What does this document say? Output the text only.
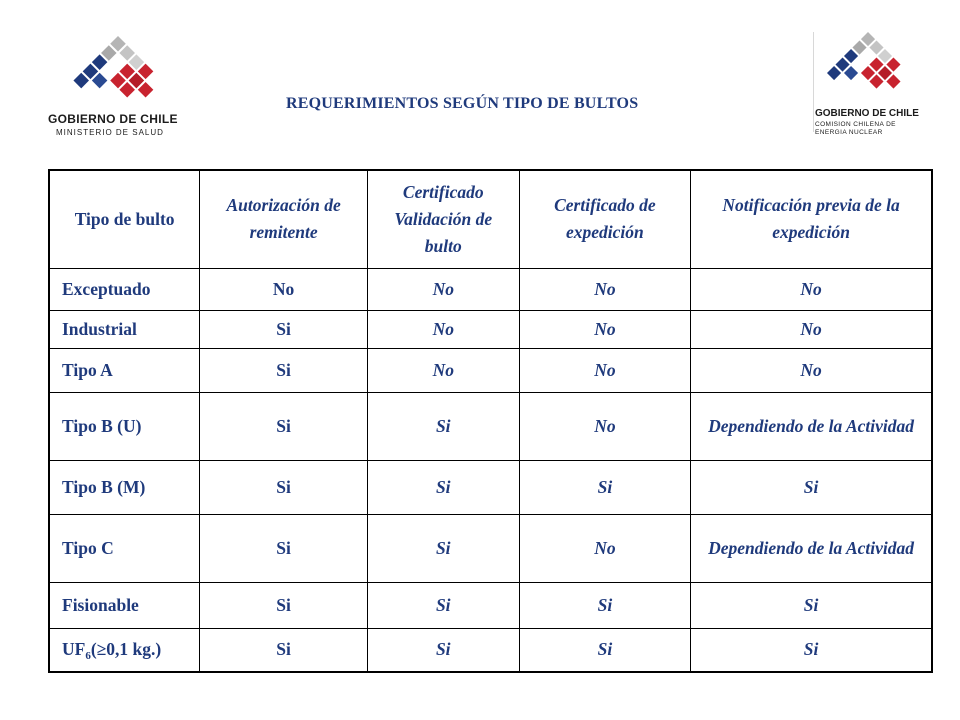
GOBIERNO DE CHILE
MINISTERIO DE SALUD
GOBIERNO DE CHILE
COMISION CHILENA DE ENERGIA NUCLEAR
REQUERIMIENTOS SEGÚN TIPO DE BULTOS
Tipo de bulto	Autorización de remitente	Certificado Validación de bulto	Certificado de expedición	Notificación previa de la expedición
Exceptuado	No	No	No	No
Industrial	Si	No	No	No
Tipo A	Si	No	No	No
Tipo B (U)	Si	Si	No	Dependiendo de la Actividad
Tipo B (M)	Si	Si	Si	Si
Tipo C	Si	Si	No	Dependiendo de la Actividad
Fisionable	Si	Si	Si	Si
$UF_6(\ge 0,1$ kg.)	Si	Si	Si	Si
